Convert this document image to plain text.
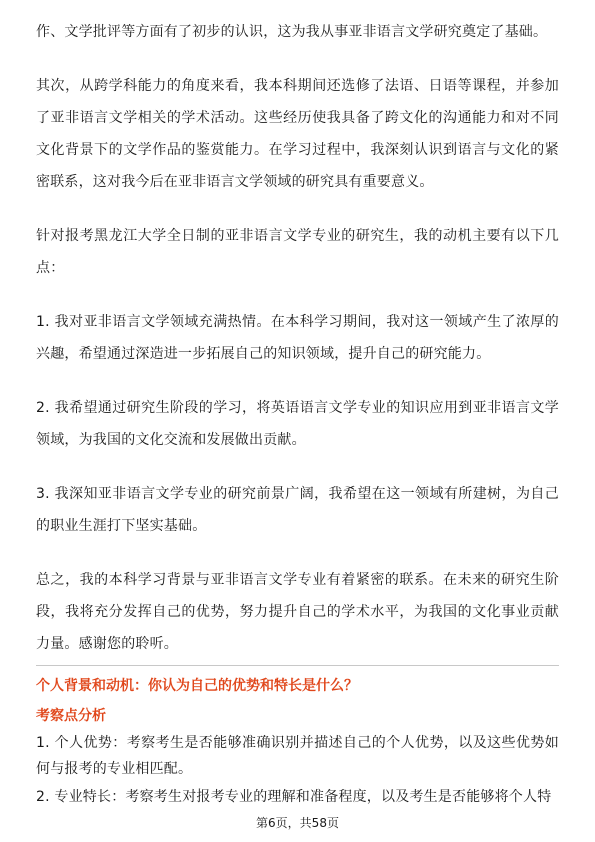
作、文学批评等方面有了初步的认识，这为我从事亚非语言文学研究奠定了基础。

其次，从跨学科能力的角度来看，我本科期间还选修了法语、日语等课程，并参加了亚非语言文学相关的学术活动。这些经历使我具备了跨文化的沟通能力和对不同文化背景下的文学作品的鉴赏能力。在学习过程中，我深刻认识到语言与文化的紧密联系，这对我今后在亚非语言文学领域的研究具有重要意义。

针对报考黑龙江大学全日制的亚非语言文学专业的研究生，我的动机主要有以下几点：

1. 我对亚非语言文学领域充满热情。在本科学习期间，我对这一领域产生了浓厚的兴趣，希望通过深造进一步拓展自己的知识领域，提升自己的研究能力。

2. 我希望通过研究生阶段的学习，将英语语言文学专业的知识应用到亚非语言文学领域，为我国的文化交流和发展做出贡献。

3. 我深知亚非语言文学专业的研究前景广阔，我希望在这一领域有所建树，为自己的职业生涯打下坚实基础。

总之，我的本科学习背景与亚非语言文学专业有着紧密的联系。在未来的研究生阶段，我将充分发挥自己的优势，努力提升自己的学术水平，为我国的文化事业贡献力量。感谢您的聆听。

个人背景和动机：你认为自己的优势和特长是什么？

考察点分析

1. 个人优势：考察考生是否能够准确识别并描述自己的个人优势，以及这些优势如何与报考的专业相匹配。

2. 专业特长：考察考生对报考专业的理解和准备程度，以及考生是否能够将个人特

第6页，共58页
